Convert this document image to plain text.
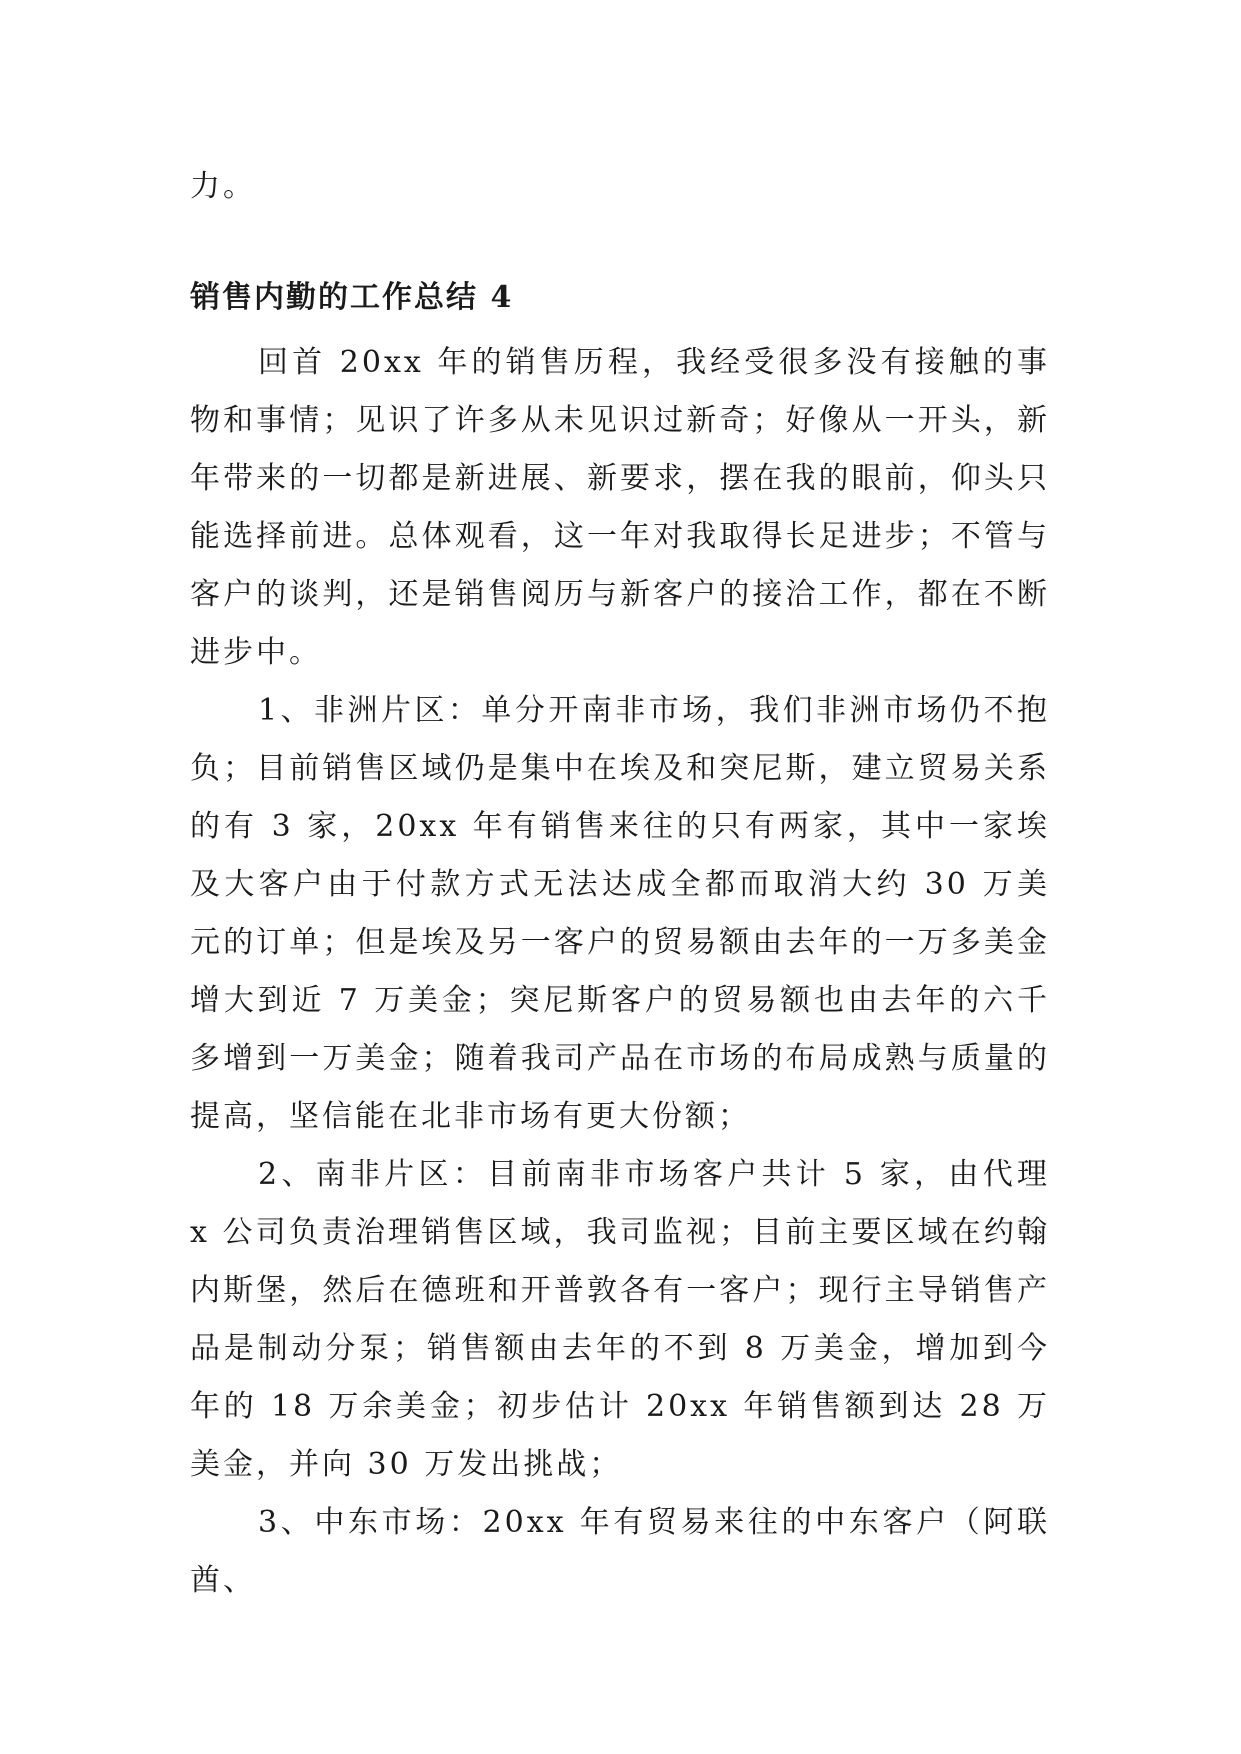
力。

销售内勤的工作总结 4

回首 20xx 年的销售历程，我经受很多没有接触的事物和事情；见识了许多从未见识过新奇；好像从一开头，新年带来的一切都是新进展、新要求，摆在我的眼前，仰头只能选择前进。总体观看，这一年对我取得长足进步；不管与客户的谈判，还是销售阅历与新客户的接洽工作，都在不断进步中。

1、非洲片区：单分开南非市场，我们非洲市场仍不抱负；目前销售区域仍是集中在埃及和突尼斯，建立贸易关系的有 3 家，20xx 年有销售来往的只有两家，其中一家埃及大客户由于付款方式无法达成全都而取消大约 30 万美元的订单；但是埃及另一客户的贸易额由去年的一万多美金增大到近 7 万美金；突尼斯客户的贸易额也由去年的六千多增到一万美金；随着我司产品在市场的布局成熟与质量的提高，坚信能在北非市场有更大份额；

2、南非片区：目前南非市场客户共计 5 家，由代理 x 公司负责治理销售区域，我司监视；目前主要区域在约翰内斯堡，然后在德班和开普敦各有一客户；现行主导销售产品是制动分泵；销售额由去年的不到 8 万美金，增加到今年的 18 万余美金；初步估计 20xx 年销售额到达 28 万美金，并向 30 万发出挑战；

3、中东市场：20xx 年有贸易来往的中东客户（阿联酋、
